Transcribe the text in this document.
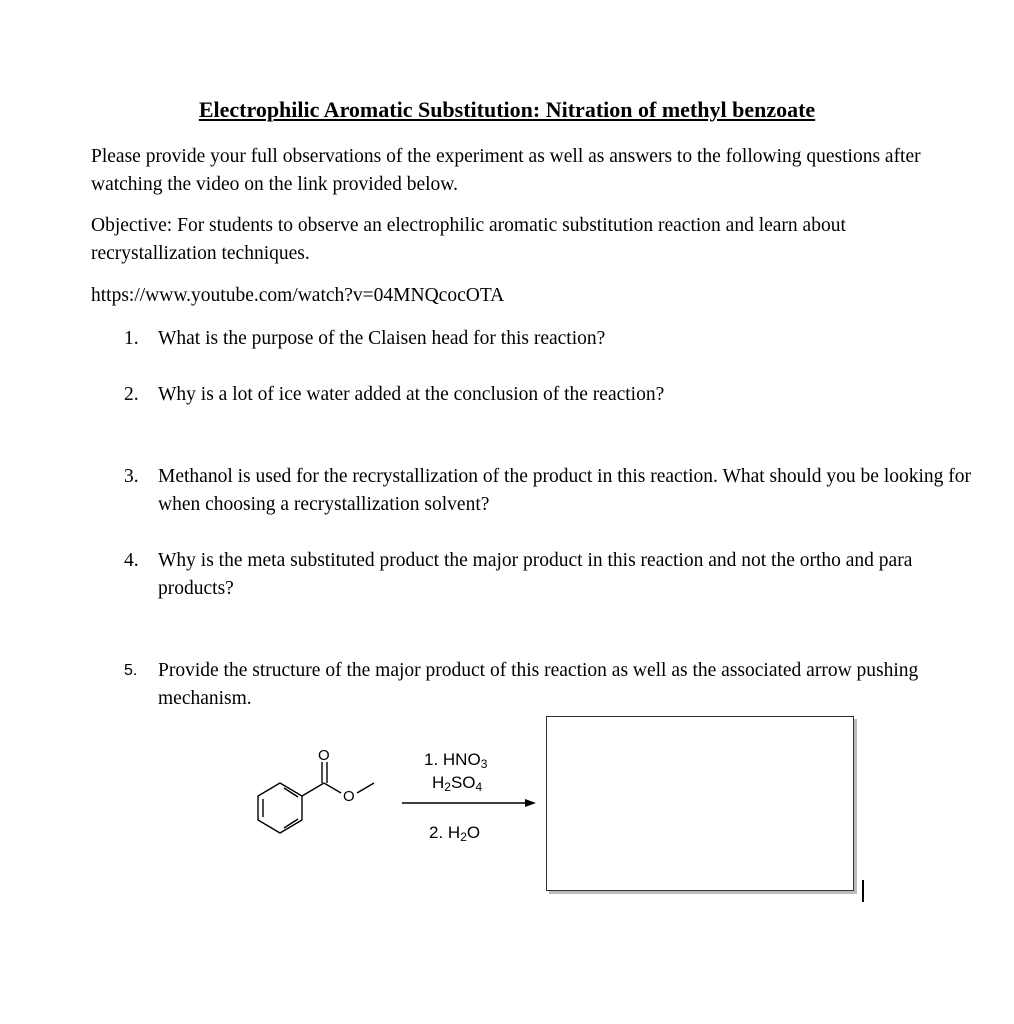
Electrophilic Aromatic Substitution: Nitration of methyl benzoate

Please provide your full observations of the experiment as well as answers to the following questions after watching the video on the link provided below.

Objective: For students to observe an electrophilic aromatic substitution reaction and learn about recrystallization techniques.

https://www.youtube.com/watch?v=04MNQcocOTA

1. What is the purpose of the Claisen head for this reaction?
2. Why is a lot of ice water added at the conclusion of the reaction?
3. Methanol is used for the recrystallization of the product in this reaction. What should you be looking for when choosing a recrystallization solvent?
4. Why is the meta substituted product the major product in this reaction and not the ortho and para products?
5.	Provide the structure of the major product of this reaction as well as the associated arrow pushing mechanism.
O
O
1. $HNO_3$
$H_2SO_4$
2. $H_2O$
